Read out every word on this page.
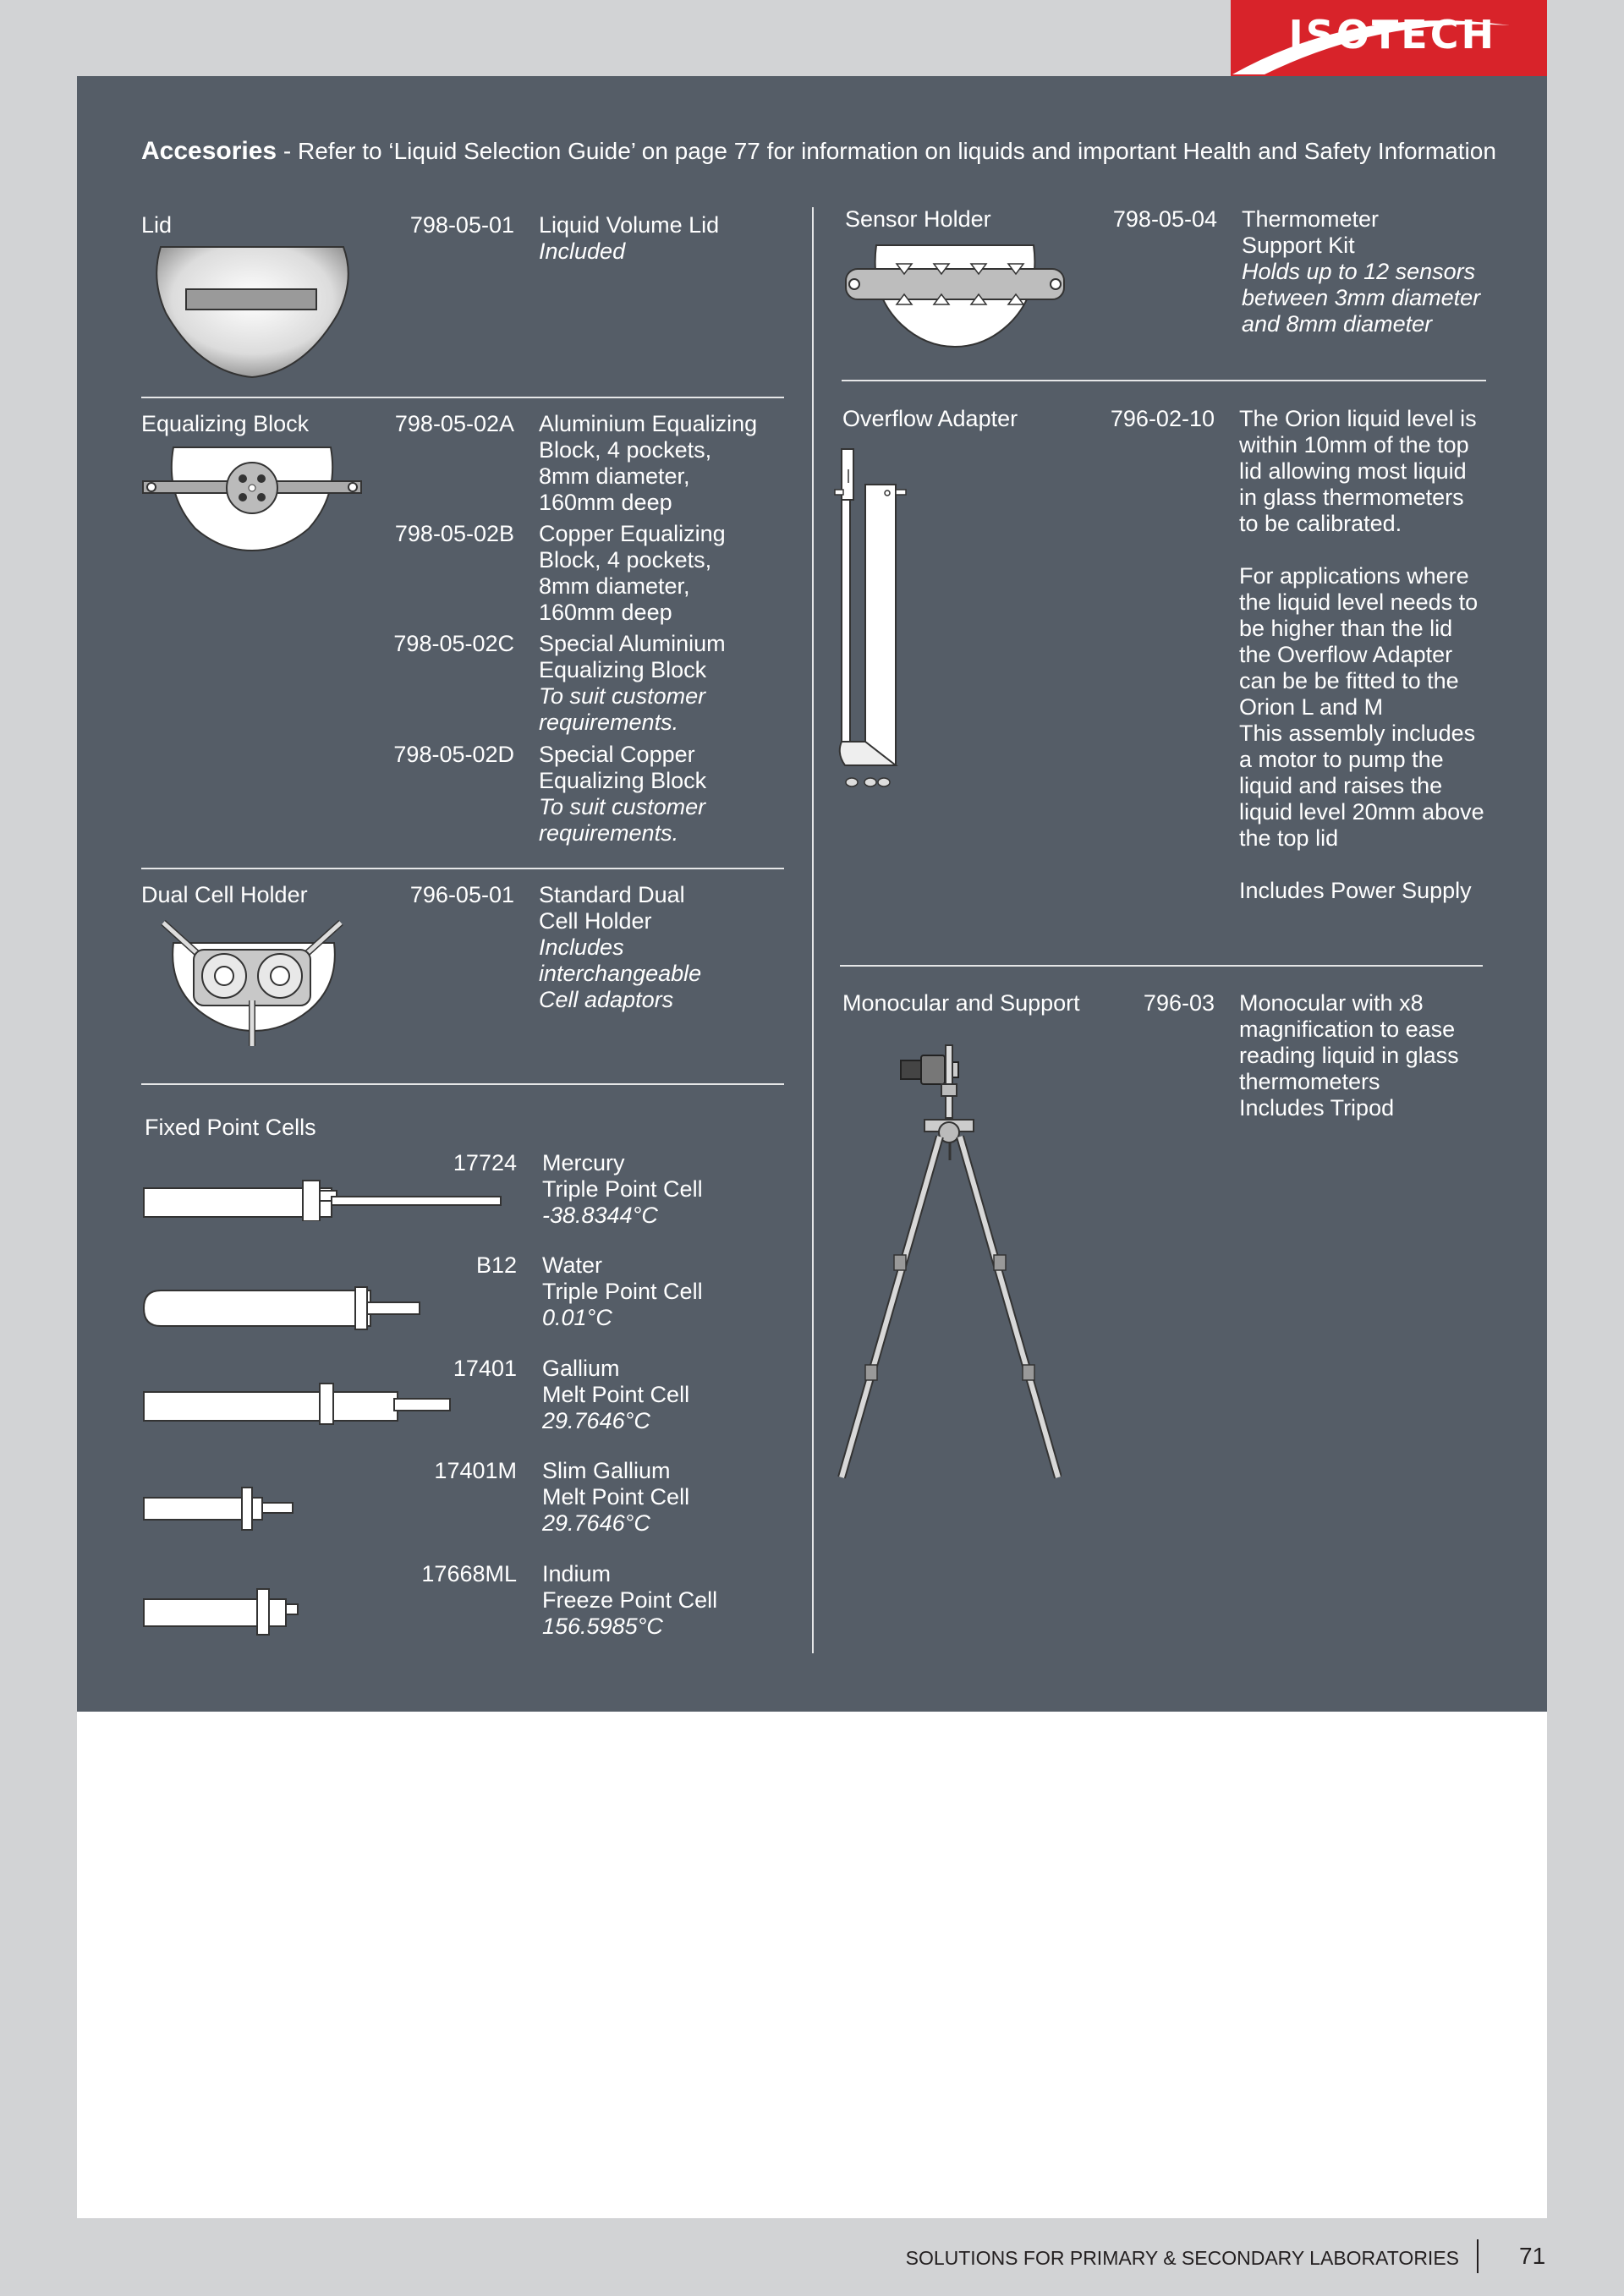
ISOTECH
Accesories - Refer to ‘Liquid Selection Guide’ on page 77 for information on liquids and important Health and Safety Information
Lid	798-05-01 Liquid Volume Lid
Included
Equalizing Block	798-05-02A Aluminium Equalizing
Block, 4 pockets,
8mm diameter,
160mm deep
798-05-02B Copper Equalizing
Block, 4 pockets,
8mm diameter,
160mm deep
798-05-02C Special Aluminium
Equalizing Block
To suit customer
requirements.
798-05-02D Special Copper
Equalizing Block
To suit customer
requirements.
Dual Cell Holder	796-05-01 Standard Dual
Cell Holder
Includes
interchangeable
Cell adaptors
Fixed Point Cells
17724 Mercury
Triple Point Cell
-38.8344°C
B12 Water
Triple Point Cell
0.01°C
17401 Gallium
Melt Point Cell
29.7646°C
17401M Slim Gallium
Melt Point Cell
29.7646°C
17668ML Indium
Freeze Point Cell
156.5985°C
Sensor Holder	798-05-04 Thermometer
Support Kit
Holds up to 12 sensors
between 3mm diameter
and 8mm diameter
Overflow Adapter	796-02-10 The Orion liquid level is
within 10mm of the top
lid allowing most liquid
in glass thermometers
to be calibrated.
For applications where
the liquid level needs to
be higher than the lid
the Overflow Adapter
can be be fitted to the
Orion L and M
This assembly includes
a motor to pump the
liquid and raises the
liquid level 20mm above
the top lid
Includes Power Supply
Monocular and Support	796-03 Monocular with x8
magnification to ease
reading liquid in glass
thermometers
Includes Tripod
SOLUTIONS FOR PRIMARY & SECONDARY LABORATORIES	71
